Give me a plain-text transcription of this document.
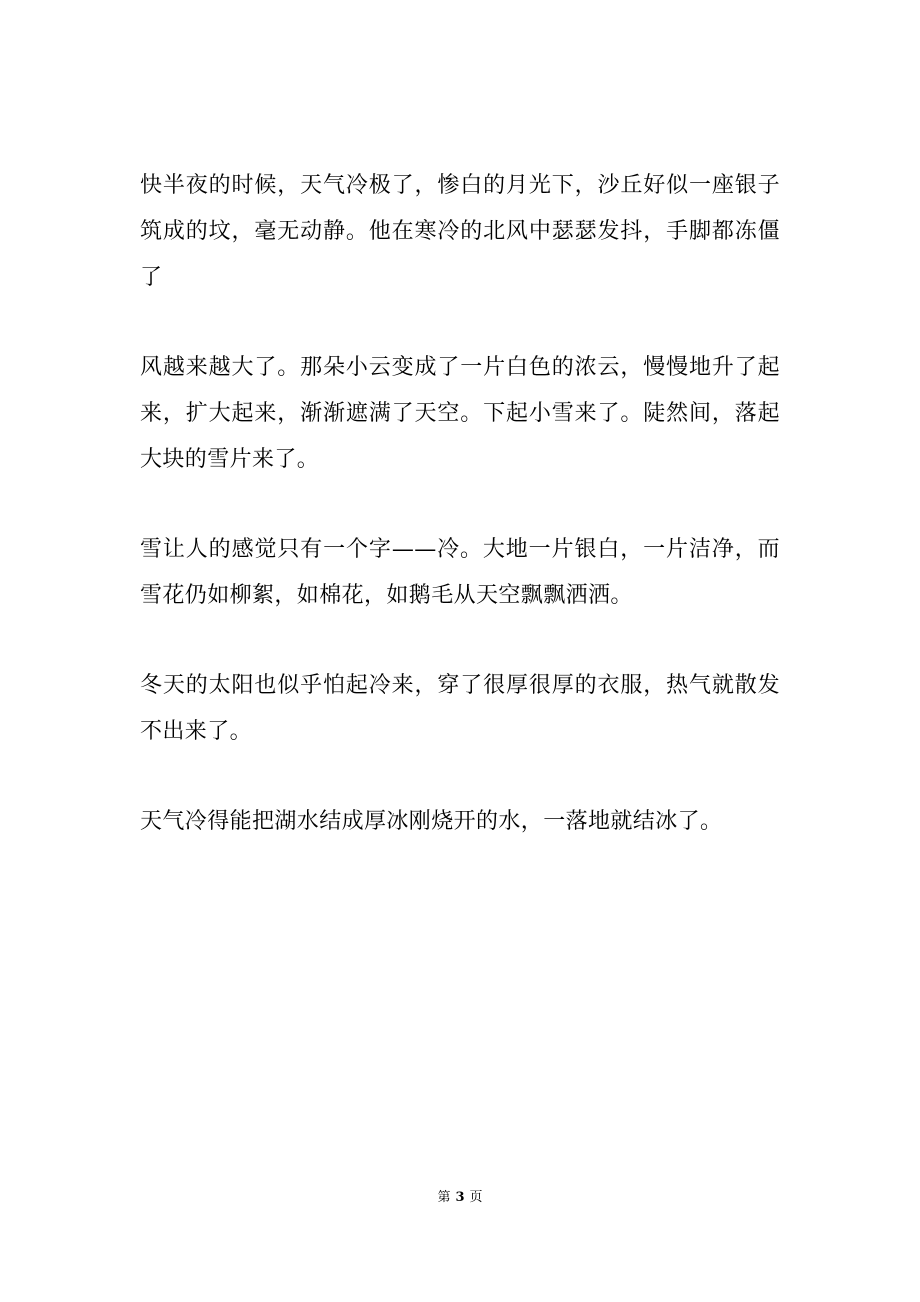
快半夜的时候，天气冷极了，惨白的月光下，沙丘好似一座银子筑成的坟，毫无动静。他在寒冷的北风中瑟瑟发抖，手脚都冻僵了

风越来越大了。那朵小云变成了一片白色的浓云，慢慢地升了起来，扩大起来，渐渐遮满了天空。下起小雪来了。陡然间，落起大块的雪片来了。

雪让人的感觉只有一个字——冷。大地一片银白，一片洁净，而雪花仍如柳絮，如棉花，如鹅毛从天空飘飘洒洒。

冬天的太阳也似乎怕起冷来，穿了很厚很厚的衣服，热气就散发不出来了。

天气冷得能把湖水结成厚冰刚烧开的水，一落地就结冰了。

第 3 页
